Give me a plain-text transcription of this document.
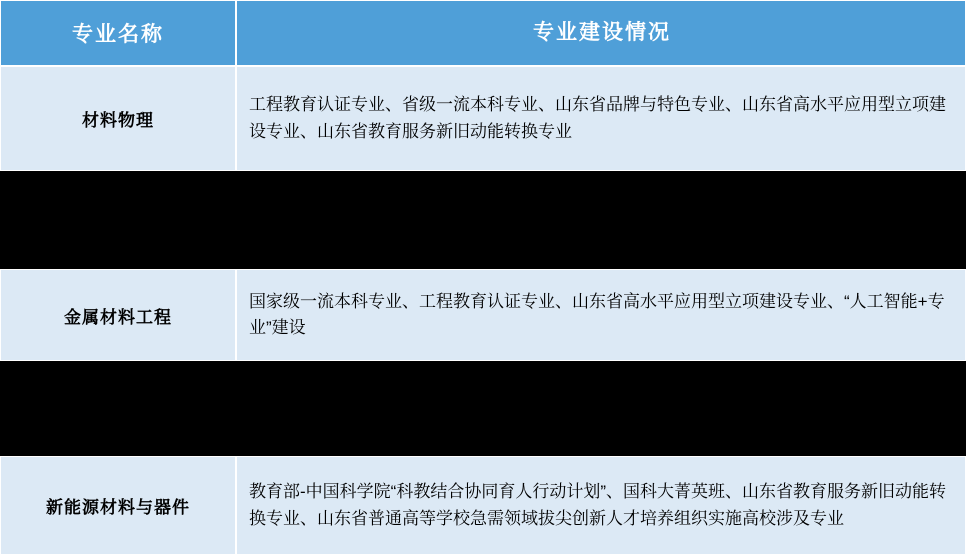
专业名称	专业建设情况
材料物理
工程教育认证专业、省级一流本科专业、山东省品牌与特色专业、山东省高水平应用型立项建设专业、山东省教育服务新旧动能转换专业
金属材料工程
国家级一流本科专业、工程教育认证专业、山东省高水平应用型立项建设专业、“人工智能+专业”建设
新能源材料与器件
教育部-中国科学院“科教结合协同育人行动计划”、国科大菁英班、山东省教育服务新旧动能转换专业、山东省普通高等学校急需领域拔尖创新人才培养组织实施高校涉及专业
